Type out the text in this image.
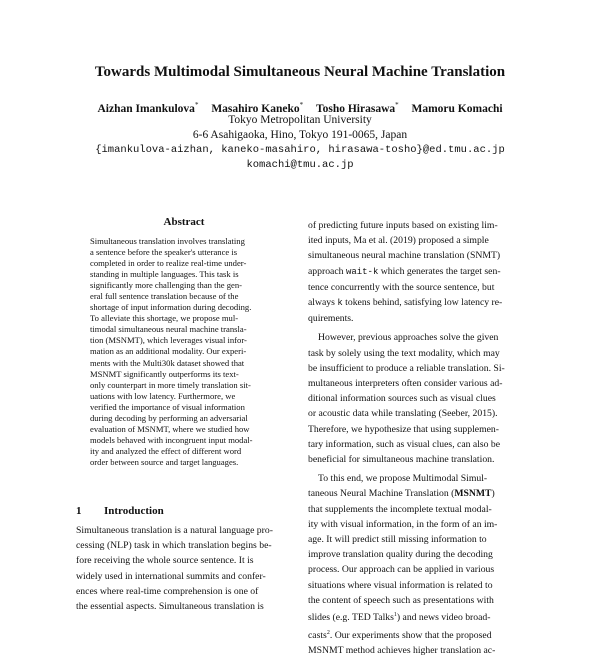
Towards Multimodal Simultaneous Neural Machine Translation
Aizhan Imankulova* Masahiro Kaneko* Tosho Hirasawa* Mamoru Komachi
Tokyo Metropolitan University
6-6 Asahigaoka, Hino, Tokyo 191-0065, Japan
{imankulova-aizhan, kaneko-masahiro, hirasawa-tosho}@ed.tmu.ac.jp
komachi@tmu.ac.jp
Abstract
Simultaneous translation involves translating
a sentence before the speaker's utterance is
completed in order to realize real-time under-
standing in multiple languages. This task is
significantly more challenging than the gen-
eral full sentence translation because of the
shortage of input information during decoding.
To alleviate this shortage, we propose mul-
timodal simultaneous neural machine transla-
tion (MSNMT), which leverages visual infor-
mation as an additional modality. Our experi-
ments with the Multi30k dataset showed that
MSNMT significantly outperforms its text-
only counterpart in more timely translation sit-
uations with low latency. Furthermore, we
verified the importance of visual information
during decoding by performing an adversarial
evaluation of MSNMT, where we studied how
models behaved with incongruent input modal-
ity and analyzed the effect of different word
order between source and target languages.
1 Introduction
Simultaneous translation is a natural language pro-
cessing (NLP) task in which translation begins be-
fore receiving the whole source sentence. It is
widely used in international summits and confer-
ences where real-time comprehension is one of
the essential aspects. Simultaneous translation is
of predicting future inputs based on existing lim-
ited inputs, Ma et al. (2019) proposed a simple
simultaneous neural machine translation (SNMT)
approach wait-k which generates the target sen-
tence concurrently with the source sentence, but
always k tokens behind, satisfying low latency re-
quirements.
However, previous approaches solve the given
task by solely using the text modality, which may
be insufficient to produce a reliable translation. Si-
multaneous interpreters often consider various ad-
ditional information sources such as visual clues
or acoustic data while translating (Seeber, 2015).
Therefore, we hypothesize that using supplemen-
tary information, such as visual clues, can also be
beneficial for simultaneous machine translation.
To this end, we propose Multimodal Simul-
taneous Neural Machine Translation (MSNMT)
that supplements the incomplete textual modal-
ity with visual information, in the form of an im-
age. It will predict still missing information to
improve translation quality during the decoding
process. Our approach can be applied in various
situations where visual information is related to
the content of speech such as presentations with
slides (e.g. TED Talks$^1$) and news video broad-
casts$^2$. Our experiments show that the proposed
MSNMT method achieves higher translation ac-
